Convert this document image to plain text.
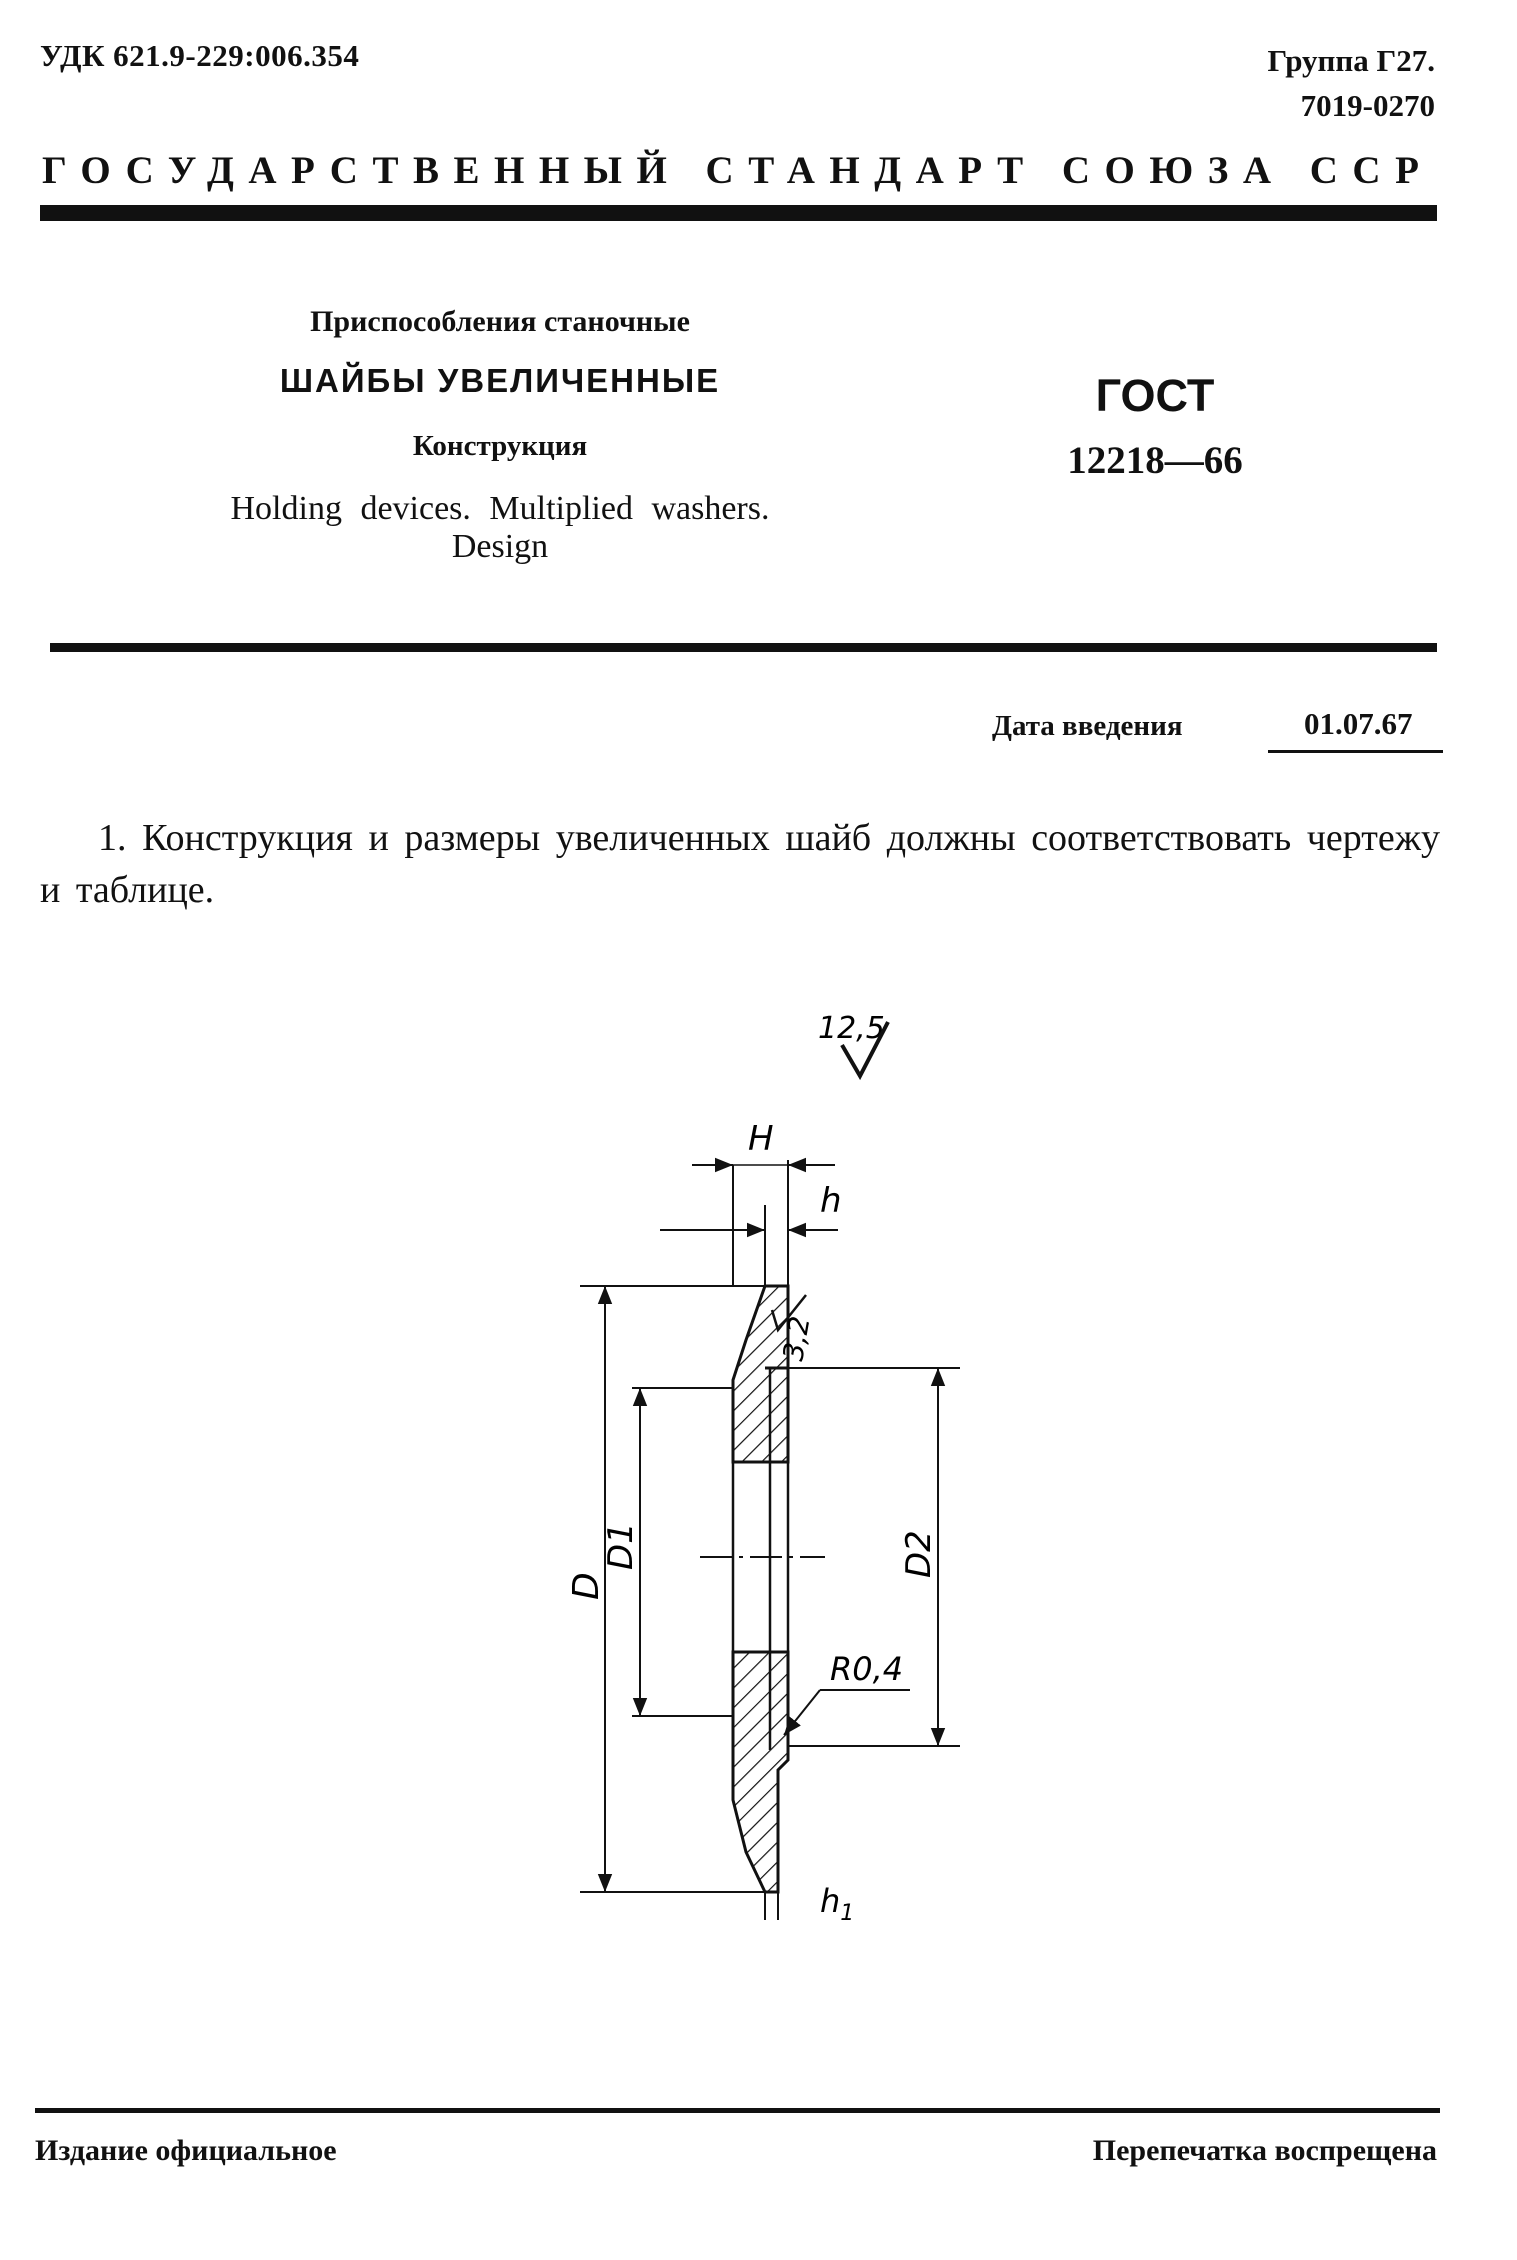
УДК 621.9-229:006.354	Группа Г27.
7019-0270
ГОСУДАРСТВЕННЫЙ СТАНДАРТ СОЮЗА ССР
Приспособления станочные
ШАЙБЫ УВЕЛИЧЕННЫЕ
Конструкция
Holding devices. Multiplied washers.
Design
ГОСТ
12218—66
Дата введения	01.07.67
1. Конструкция и размеры увеличенных шайб должны соответствовать чертежу и таблице.
12,5
H
h
3,2
D
D1	D2
R0,4
$h_1$
Издание официальное	Перепечатка воспрещена
